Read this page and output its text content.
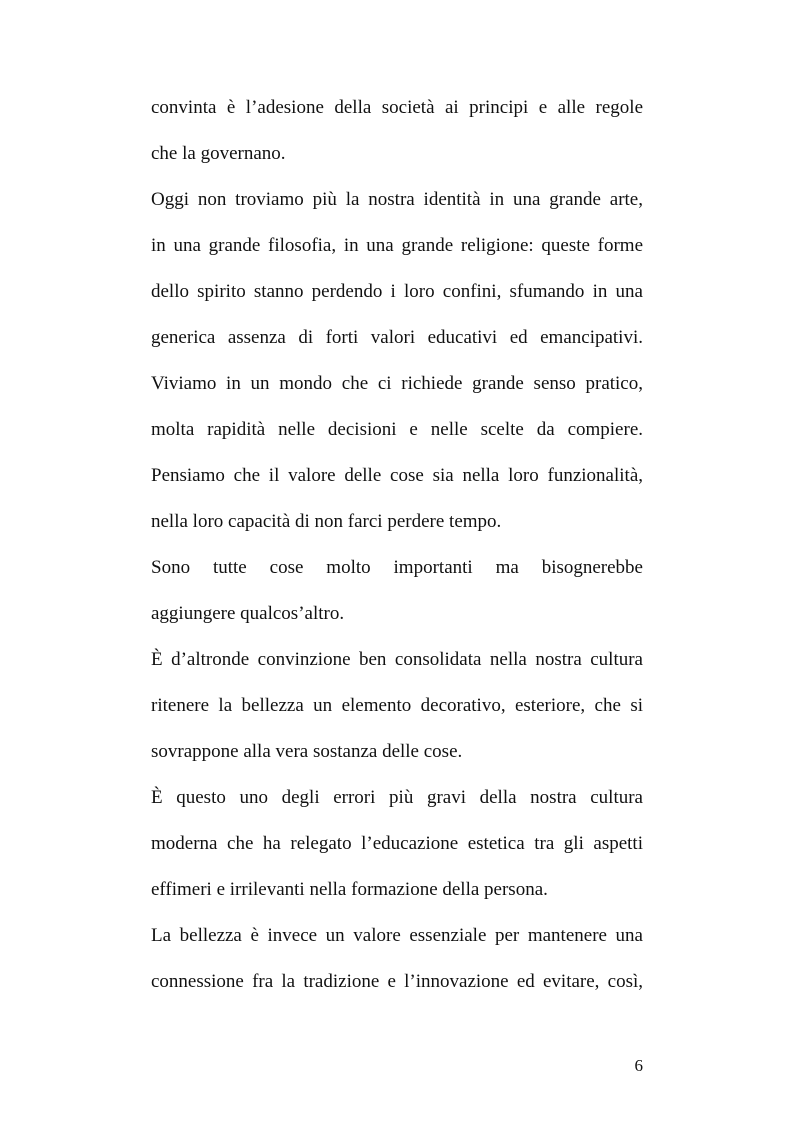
convinta è l’adesione della società ai principi e alle regole
che la governano.
Oggi non troviamo più la nostra identità in una grande arte,
in una grande filosofia, in una grande religione: queste forme
dello spirito stanno perdendo i loro confini, sfumando in una
generica assenza di forti valori educativi ed emancipativi.
Viviamo in un mondo che ci richiede grande senso pratico,
molta rapidità nelle decisioni e nelle scelte da compiere.
Pensiamo che il valore delle cose sia nella loro funzionalità,
nella loro capacità di non farci perdere tempo.
Sono tutte cose molto importanti ma bisognerebbe
aggiungere qualcos’altro.
È d’altronde convinzione ben consolidata nella nostra cultura
ritenere la bellezza un elemento decorativo, esteriore, che si
sovrappone alla vera sostanza delle cose.
È questo uno degli errori più gravi della nostra cultura
moderna che ha relegato l’educazione estetica tra gli aspetti
effimeri e irrilevanti nella formazione della persona.
La bellezza è invece un valore essenziale per mantenere una
connessione fra la tradizione e l’innovazione ed evitare, così,
6
